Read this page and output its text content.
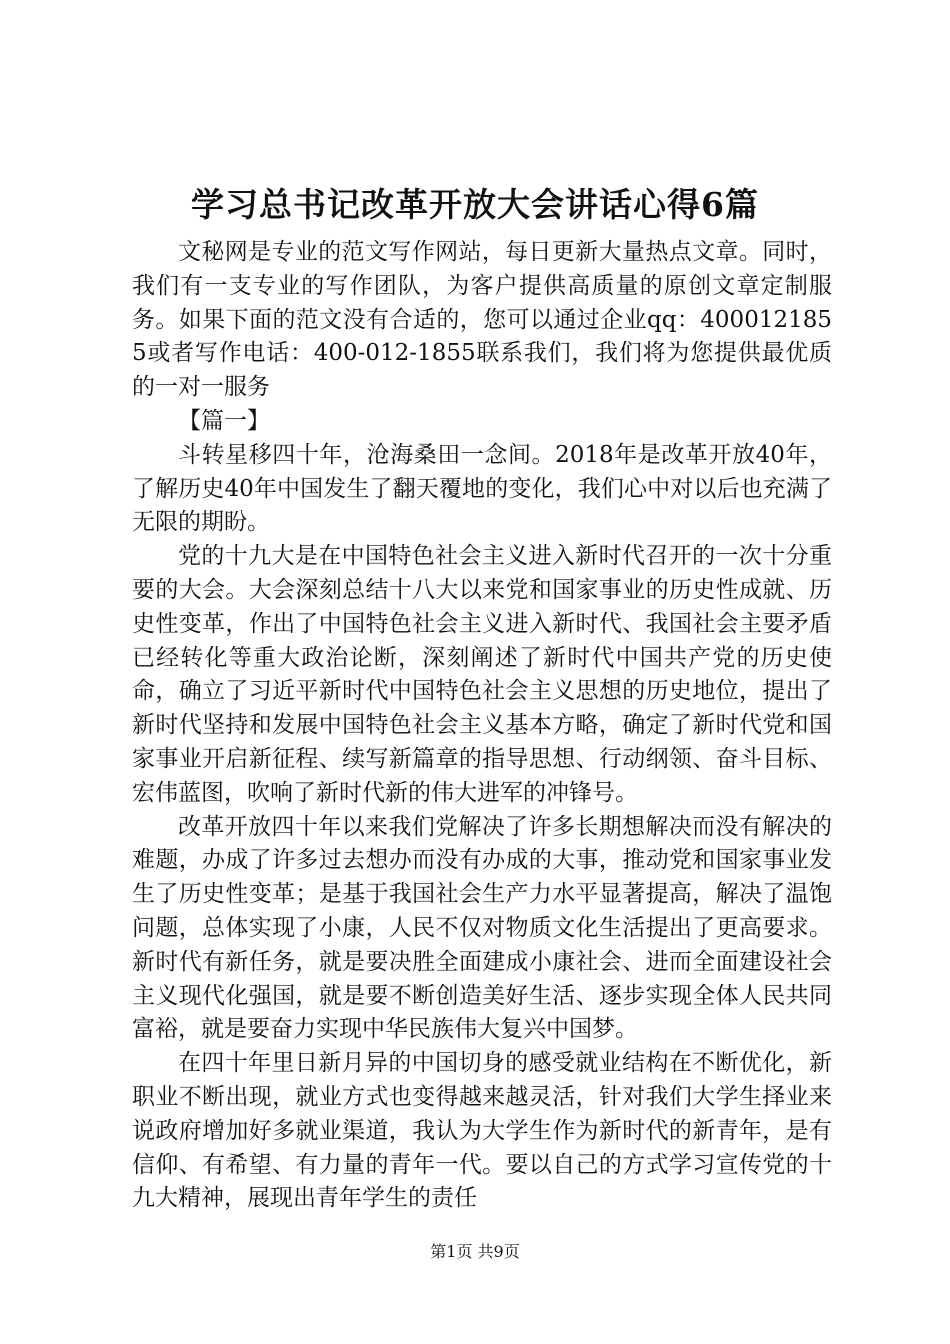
学习总书记改革开放大会讲话心得6篇

文秘网是专业的范文写作网站，每日更新大量热点文章。同时，我们有一支专业的写作团队，为客户提供高质量的原创文章定制服务。如果下面的范文没有合适的，您可以通过企业qq：4000121855或者写作电话：400-012-1855联系我们，我们将为您提供最优质的一对一服务

【篇一】

斗转星移四十年，沧海桑田一念间。2018年是改革开放40年，了解历史40年中国发生了翻天覆地的变化，我们心中对以后也充满了无限的期盼。

党的十九大是在中国特色社会主义进入新时代召开的一次十分重要的大会。大会深刻总结十八大以来党和国家事业的历史性成就、历史性变革，作出了中国特色社会主义进入新时代、我国社会主要矛盾已经转化等重大政治论断，深刻阐述了新时代中国共产党的历史使命，确立了习近平新时代中国特色社会主义思想的历史地位，提出了新时代坚持和发展中国特色社会主义基本方略，确定了新时代党和国家事业开启新征程、续写新篇章的指导思想、行动纲领、奋斗目标、宏伟蓝图，吹响了新时代新的伟大进军的冲锋号。

改革开放四十年以来我们党解决了许多长期想解决而没有解决的难题，办成了许多过去想办而没有办成的大事，推动党和国家事业发生了历史性变革；是基于我国社会生产力水平显著提高，解决了温饱问题，总体实现了小康，人民不仅对物质文化生活提出了更高要求。新时代有新任务，就是要决胜全面建成小康社会、进而全面建设社会主义现代化强国，就是要不断创造美好生活、逐步实现全体人民共同富裕，就是要奋力实现中华民族伟大复兴中国梦。

在四十年里日新月异的中国切身的感受就业结构在不断优化，新职业不断出现，就业方式也变得越来越灵活，针对我们大学生择业来说政府增加好多就业渠道，我认为大学生作为新时代的新青年，是有信仰、有希望、有力量的青年一代。要以自己的方式学习宣传党的十九大精神，展现出青年学生的责任

第1页 共9页
